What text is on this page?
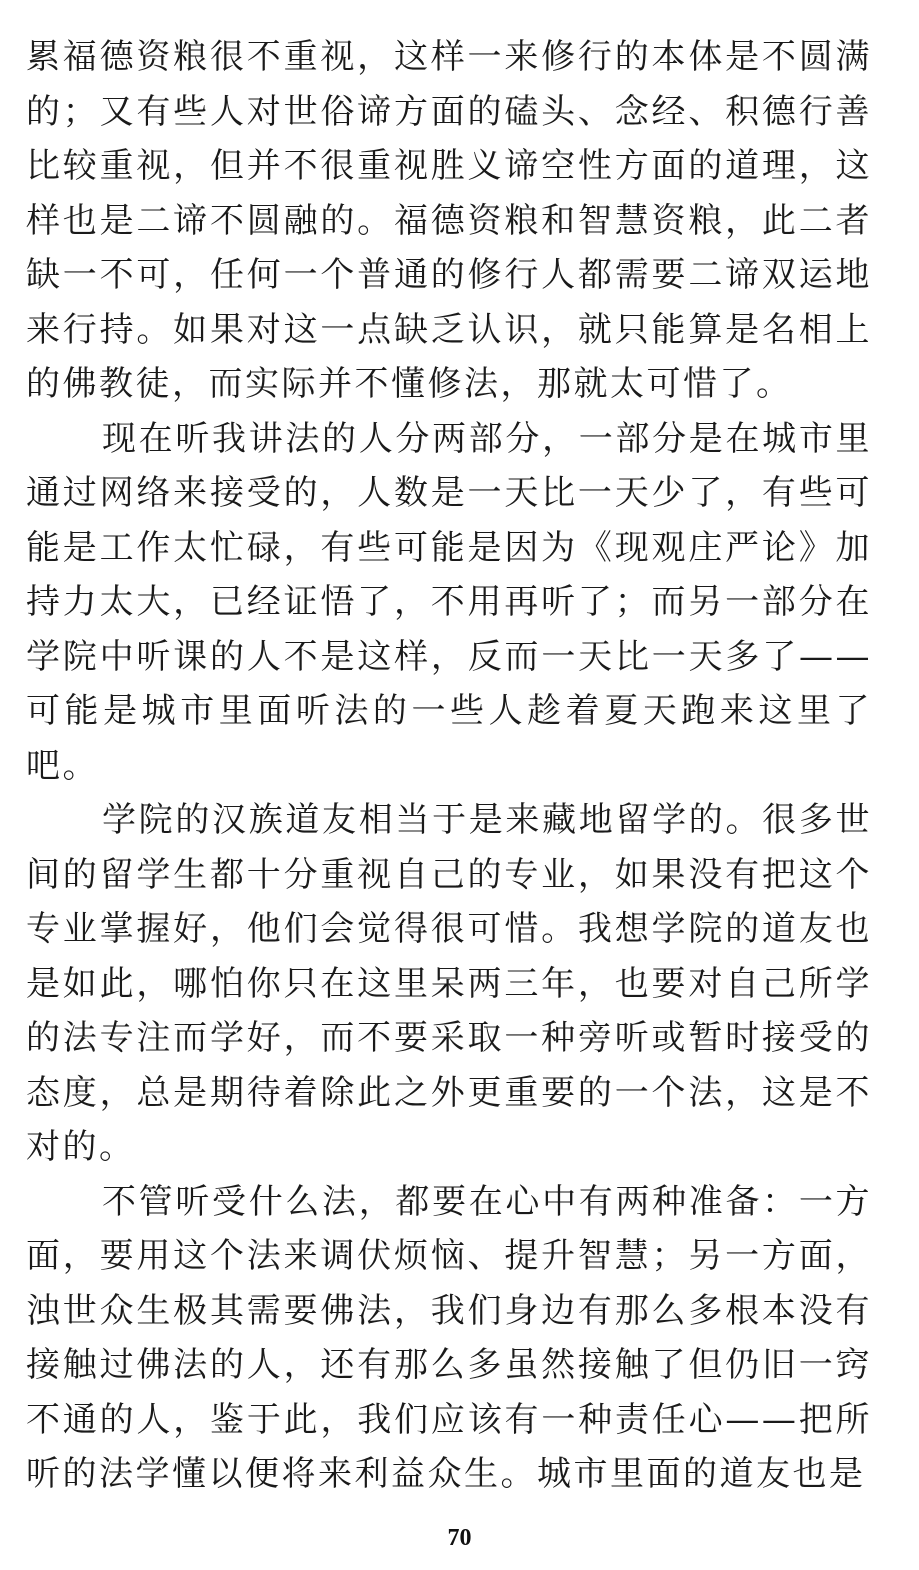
累福德资粮很不重视，这样一来修行的本体是不圆满的；又有些人对世俗谛方面的磕头、念经、积德行善比较重视，但并不很重视胜义谛空性方面的道理，这样也是二谛不圆融的。福德资粮和智慧资粮，此二者缺一不可，任何一个普通的修行人都需要二谛双运地来行持。如果对这一点缺乏认识，就只能算是名相上的佛教徒，而实际并不懂修法，那就太可惜了。

现在听我讲法的人分两部分，一部分是在城市里通过网络来接受的，人数是一天比一天少了，有些可能是工作太忙碌，有些可能是因为《现观庄严论》加持力太大，已经证悟了，不用再听了；而另一部分在学院中听课的人不是这样，反而一天比一天多了——可能是城市里面听法的一些人趁着夏天跑来这里了吧。

学院的汉族道友相当于是来藏地留学的。很多世间的留学生都十分重视自己的专业，如果没有把这个专业掌握好，他们会觉得很可惜。我想学院的道友也是如此，哪怕你只在这里呆两三年，也要对自己所学的法专注而学好，而不要采取一种旁听或暂时接受的态度，总是期待着除此之外更重要的一个法，这是不对的。

不管听受什么法，都要在心中有两种准备：一方面，要用这个法来调伏烦恼、提升智慧；另一方面，浊世众生极其需要佛法，我们身边有那么多根本没有接触过佛法的人，还有那么多虽然接触了但仍旧一窍不通的人，鉴于此，我们应该有一种责任心——把所听的法学懂以便将来利益众生。城市里面的道友也是

70
